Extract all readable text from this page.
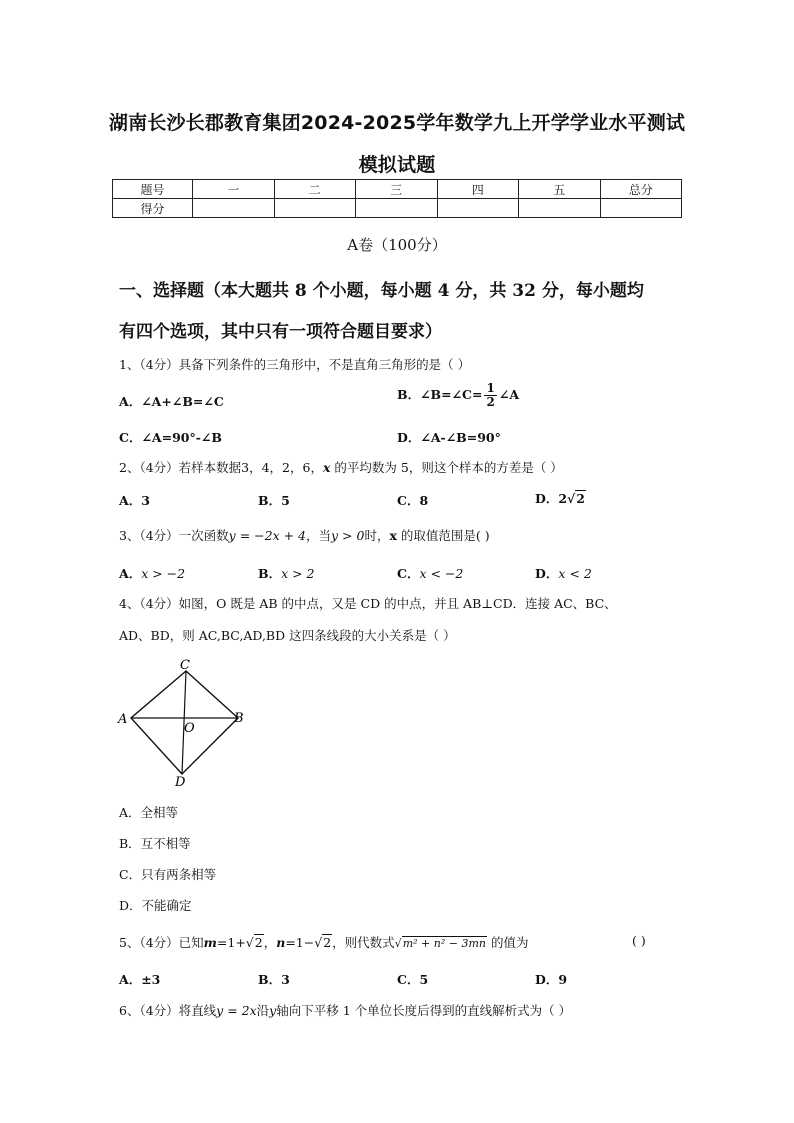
湖南长沙长郡教育集团2024-2025学年数学九上开学学业水平测试
模拟试题
题号	一	二	三	四	五	总分
得分						
A卷（100分）
一、选择题（本大题共 8 个小题，每小题 4 分，共 32 分，每小题均
有四个选项，其中只有一项符合题目要求）
1、（4分）具备下列条件的三角形中，不是直角三角形的是（ ）
A．∠A+∠B=∠C	B．∠B=∠C= $\frac{1}{2}$ ∠A
C．∠A=90°-∠B	D．∠A-∠B=90°
2、（4分）若样本数据3，4，2，6，x 的平均数为 5，则这个样本的方差是（ ）
A．3	B．5	C．8	D．2√2
3、（4分）一次函数y = −2x + 4，当y > 0时，x 的取值范围是( )
A．x > −2	B．x > 2	C．x < −2	D．x < 2
4、（4分）如图，O 既是 AB 的中点，又是 CD 的中点，并且 AB⊥CD．连接 AC、BC、
AD、BD，则 AC,BC,AD,BD 这四条线段的大小关系是（ ）
C
A	B
O
D
A．全相等
B．互不相等
C．只有两条相等
D．不能确定
5、（4分）已知m=1+√2，n=1−√2，则代数式√m² + n² − 3mn 的值为	( )
A．±3	B．3	C．5	D．9
6、（4分）将直线y = 2x沿y轴向下平移 1 个单位长度后得到的直线解析式为（ ）
